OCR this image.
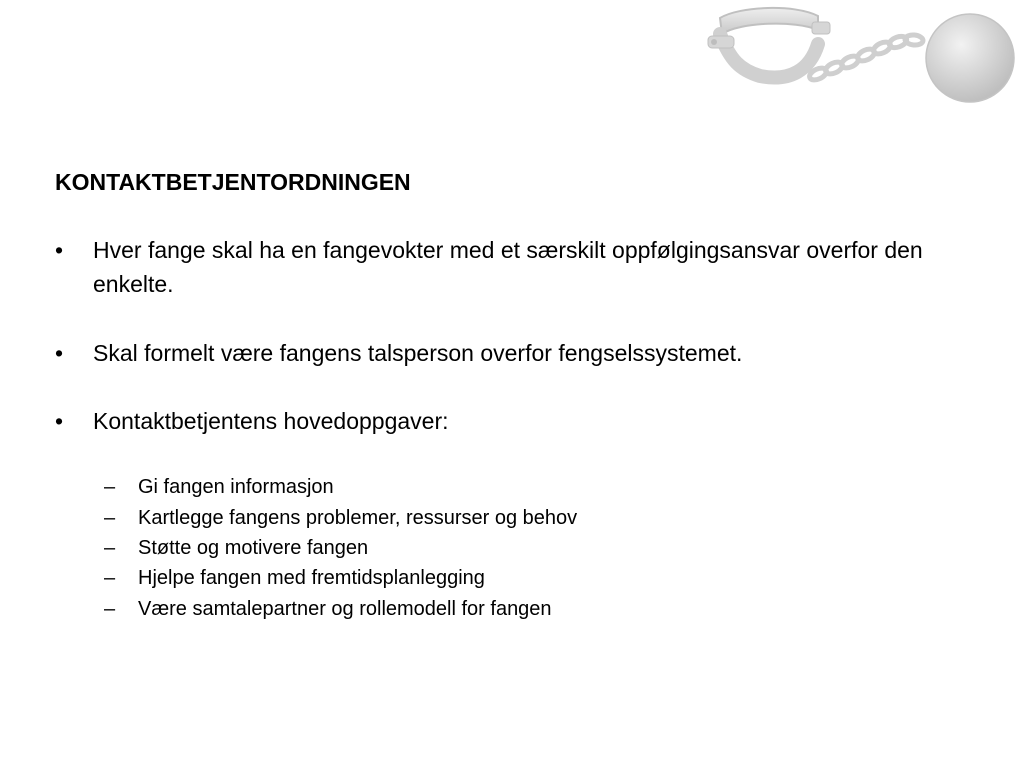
KONTAKTBETJENTORDNINGEN
•	Hver fange skal ha en fangevokter med et særskilt oppfølgingsansvar overfor den enkelte.
•	Skal formelt være fangens talsperson overfor fengselssystemet.
•	Kontaktbetjentens hovedoppgaver:
–	Gi fangen informasjon
–	Kartlegge fangens problemer, ressurser og behov
–	Støtte og motivere fangen
–	Hjelpe fangen med fremtidsplanlegging
–	Være samtalepartner og rollemodell for fangen
